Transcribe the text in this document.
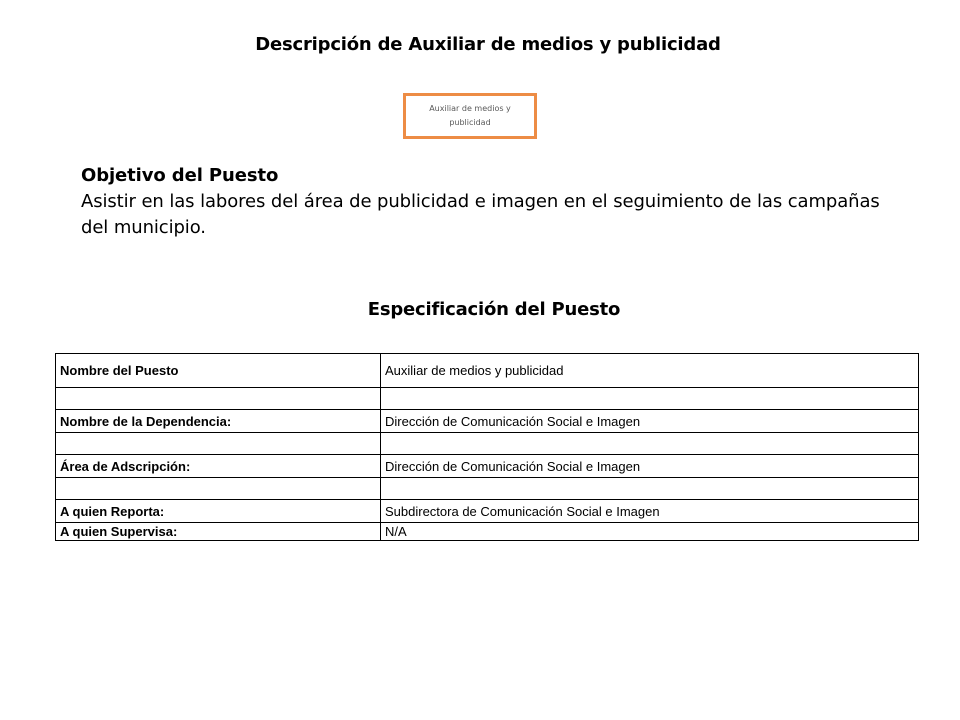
Descripción de Auxiliar de medios y publicidad
Auxiliar de medios y publicidad
Objetivo del Puesto
Asistir en las labores del área de publicidad e imagen en el seguimiento de las campañas del municipio.
Especificación del Puesto
Nombre del Puesto	Auxiliar de medios y publicidad

Nombre de la Dependencia:	Dirección de Comunicación Social e Imagen

Área de Adscripción:	Dirección de Comunicación Social e Imagen

A quien Reporta:	Subdirectora de Comunicación Social e Imagen
A quien Supervisa:	N/A
